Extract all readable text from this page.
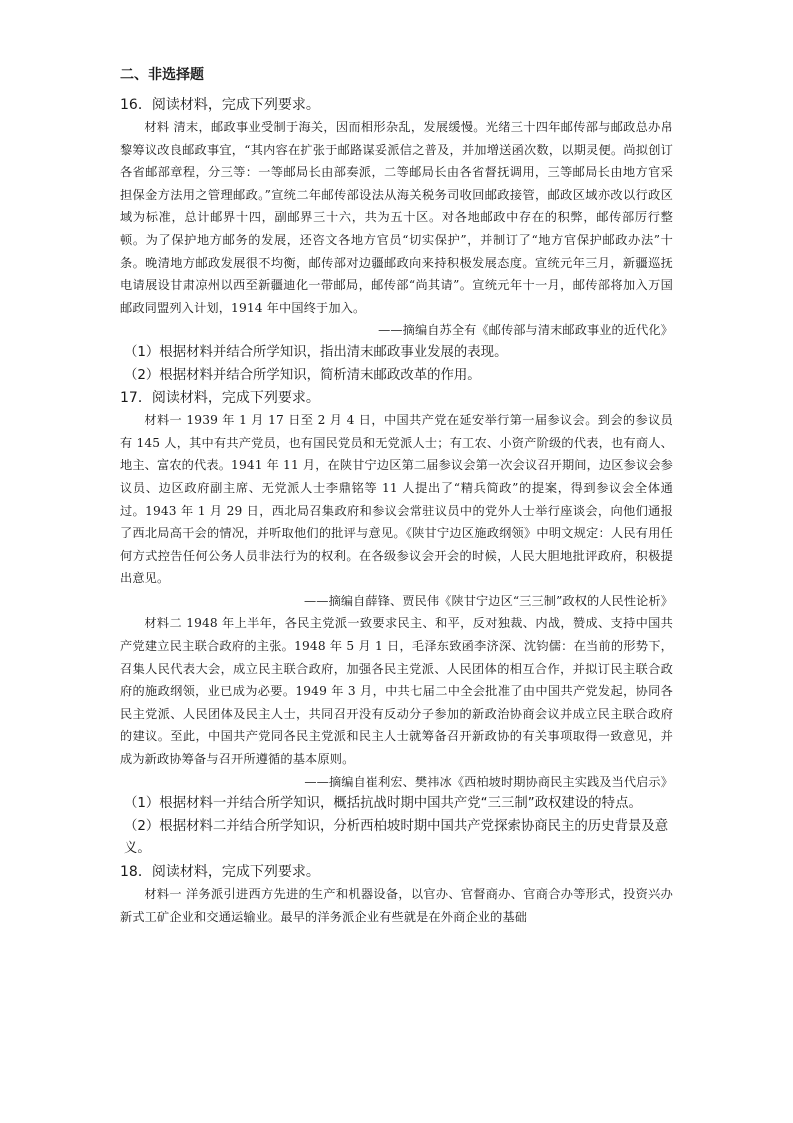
二、非选择题

16．阅读材料，完成下列要求。

材料 清末，邮政事业受制于海关，因而相形杂乱，发展缓慢。光绪三十四年邮传部与邮政总办帛黎筹议改良邮政事宜，“其内容在扩张于邮路谋妥派信之普及，并加增送函次数，以期灵便。尚拟创订各省邮部章程，分三等：一等邮局长由部奏派，二等邮局长由各省督抚调用，三等邮局长由地方官采担保金方法用之管理邮政。”宣统二年邮传部设法从海关税务司收回邮政接管，邮政区域亦改以行政区域为标准，总计邮界十四，副邮界三十六，共为五十区。对各地邮政中存在的积弊，邮传部厉行整顿。为了保护地方邮务的发展，还咨文各地方官员“切实保护”，并制订了“地方官保护邮政办法”十条。晚清地方邮政发展很不均衡，邮传部对边疆邮政向来持积极发展态度。宣统元年三月，新疆巡抚电请展设甘肃凉州以西至新疆迪化一带邮局，邮传部“尚其请”。宣统元年十一月，邮传部将加入万国邮政同盟列入计划，1914 年中国终于加入。

——摘编自苏全有《邮传部与清末邮政事业的近代化》

（1）根据材料并结合所学知识，指出清末邮政事业发展的表现。

（2）根据材料并结合所学知识，简析清末邮政改革的作用。

17．阅读材料，完成下列要求。

材料一 1939 年 1 月 17 日至 2 月 4 日，中国共产党在延安举行第一届参议会。到会的参议员有 145 人，其中有共产党员，也有国民党员和无党派人士；有工农、小资产阶级的代表，也有商人、地主、富农的代表。1941 年 11 月，在陕甘宁边区第二届参议会第一次会议召开期间，边区参议会参议员、边区政府副主席、无党派人士李鼎铭等 11 人提出了“精兵简政”的提案，得到参议会全体通过。1943 年 1 月 29 日，西北局召集政府和参议会常驻议员中的党外人士举行座谈会，向他们通报了西北局高干会的情况，并听取他们的批评与意见。《陕甘宁边区施政纲领》中明文规定：人民有用任何方式控告任何公务人员非法行为的权利。在各级参议会开会的时候，人民大胆地批评政府，积极提出意见。

——摘编自薛锋、贾民伟《陕甘宁边区“三三制”政权的人民性论析》

材料二 1948 年上半年，各民主党派一致要求民主、和平，反对独裁、内战，赞成、支持中国共产党建立民主联合政府的主张。1948 年 5 月 1 日，毛泽东致函李济深、沈钧儒：在当前的形势下，召集人民代表大会，成立民主联合政府，加强各民主党派、人民团体的相互合作，并拟订民主联合政府的施政纲领，业已成为必要。1949 年 3 月，中共七届二中全会批准了由中国共产党发起，协同各民主党派、人民团体及民主人士，共同召开没有反动分子参加的新政治协商会议并成立民主联合政府的建议。至此，中国共产党同各民主党派和民主人士就筹备召开新政协的有关事项取得一致意见，并成为新政协筹备与召开所遵循的基本原则。

——摘编自崔利宏、樊祎冰《西柏坡时期协商民主实践及当代启示》

（1）根据材料一并结合所学知识，概括抗战时期中国共产党“三三制”政权建设的特点。

（2）根据材料二并结合所学知识，分析西柏坡时期中国共产党探索协商民主的历史背景及意义。

18．阅读材料，完成下列要求。

材料一 洋务派引进西方先进的生产和机器设备，以官办、官督商办、官商合办等形式，投资兴办新式工矿企业和交通运输业。最早的洋务派企业有些就是在外商企业的基础
